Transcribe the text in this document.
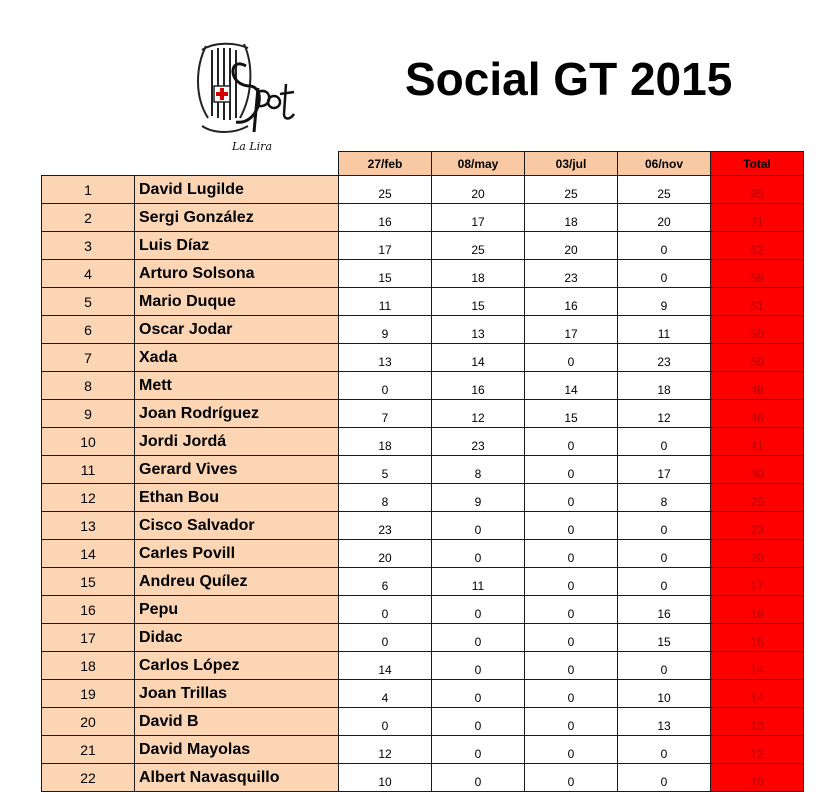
La Lira
Social GT 2015
		27/feb	08/may	03/jul	06/nov	Total
1	David Lugilde	25	20	25	25	95
2	Sergi González	16	17	18	20	71
3	Luis Díaz	17	25	20	0	62
4	Arturo Solsona	15	18	23	0	56
5	Mario Duque	11	15	16	9	51
6	Oscar Jodar	9	13	17	11	50
7	Xada	13	14	0	23	50
8	Mett	0	16	14	18	48
9	Joan Rodríguez	7	12	15	12	46
10	Jordi Jordá	18	23	0	0	41
11	Gerard Vives	5	8	0	17	30
12	Ethan Bou	8	9	0	8	25
13	Cisco Salvador	23	0	0	0	23
14	Carles Povill	20	0	0	0	20
15	Andreu Quílez	6	11	0	0	17
16	Pepu	0	0	0	16	16
17	Didac	0	0	0	15	15
18	Carlos López	14	0	0	0	14
19	Joan Trillas	4	0	0	10	14
20	David B	0	0	0	13	13
21	David Mayolas	12	0	0	0	12
22	Albert Navasquillo	10	0	0	0	10
